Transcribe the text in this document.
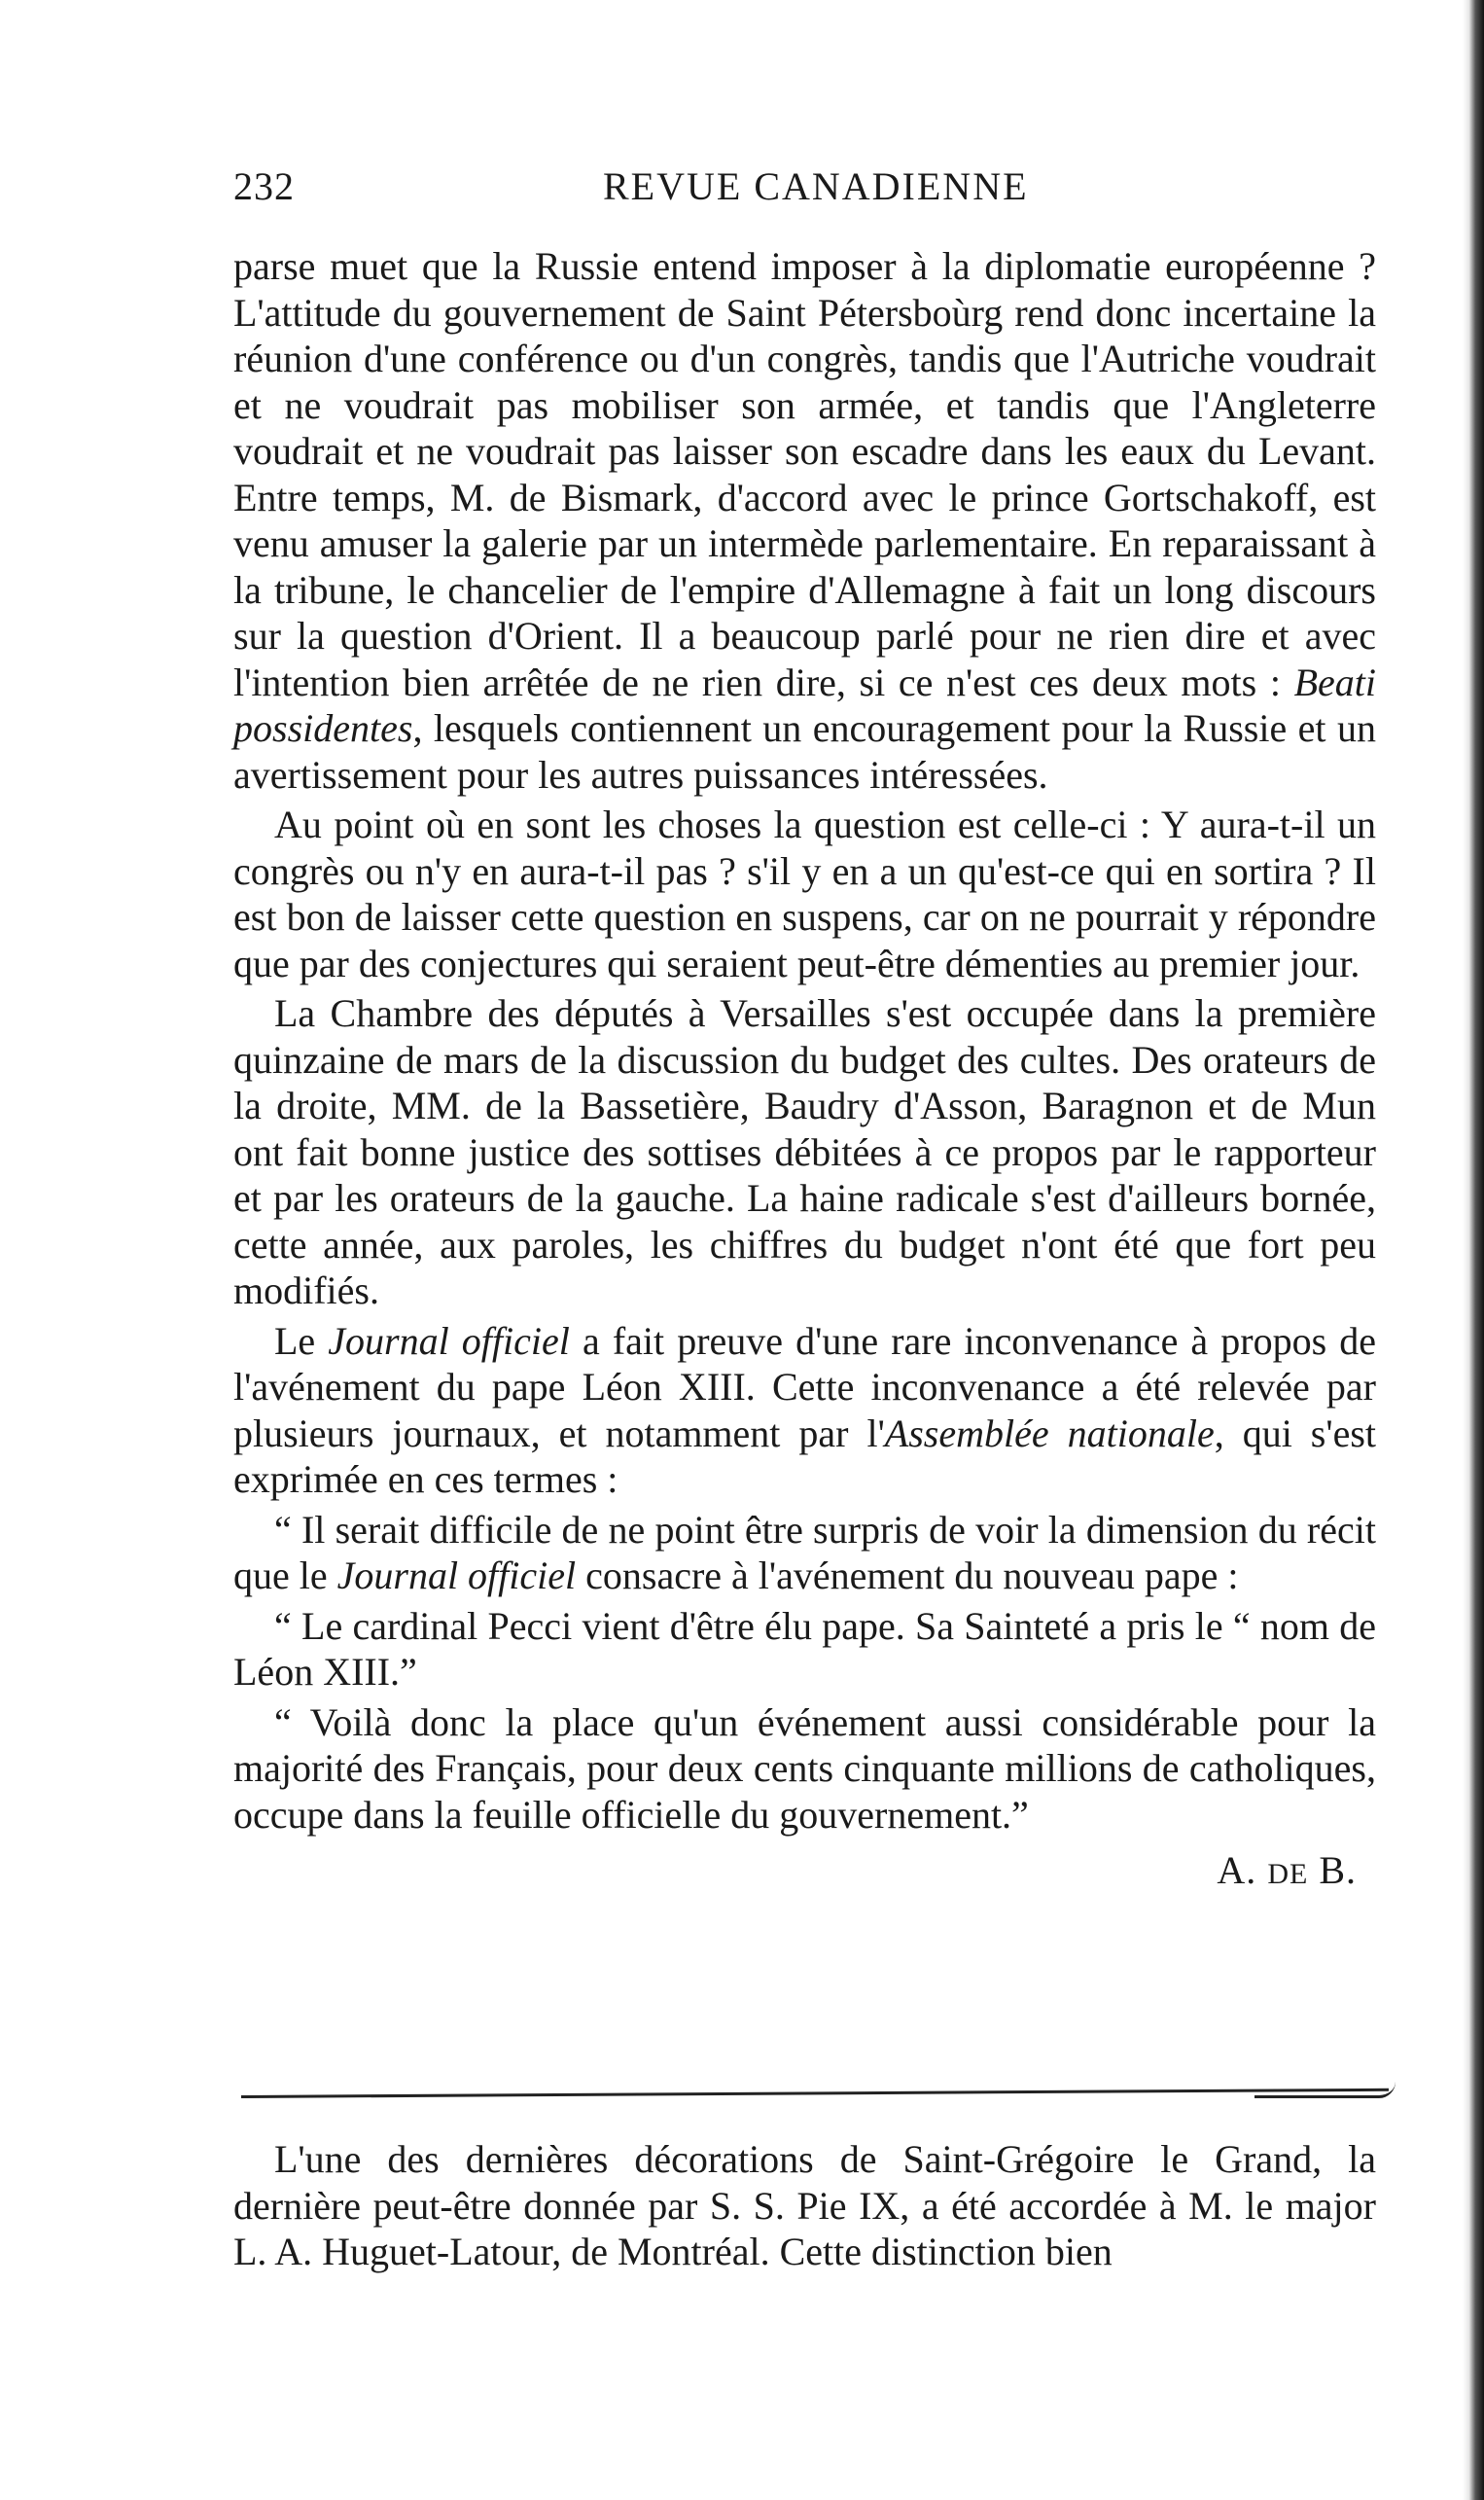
232	REVUE CANADIENNE

parse muet que la Russie entend imposer à la diplomatie européenne ? L'attitude du gouvernement de Saint Pétersboùrg rend donc incertaine la réunion d'une conférence ou d'un congrès, tandis que l'Autriche voudrait et ne voudrait pas mobiliser son armée, et tandis que l'Angleterre voudrait et ne voudrait pas laisser son escadre dans les eaux du Levant. Entre temps, M. de Bismark, d'accord avec le prince Gortschakoff, est venu amuser la galerie par un intermède parlementaire. En reparaissant à la tribune, le chancelier de l'empire d'Allemagne à fait un long discours sur la question d'Orient. Il a beaucoup parlé pour ne rien dire et avec l'intention bien arrêtée de ne rien dire, si ce n'est ces deux mots : Beati possidentes, lesquels contiennent un encouragement pour la Russie et un avertissement pour les autres puissances intéressées.

Au point où en sont les choses la question est celle-ci : Y aura-t-il un congrès ou n'y en aura-t-il pas ? s'il y en a un qu'est-ce qui en sortira ? Il est bon de laisser cette question en suspens, car on ne pourrait y répondre que par des conjectures qui seraient peut-être démenties au premier jour.

La Chambre des députés à Versailles s'est occupée dans la première quinzaine de mars de la discussion du budget des cultes. Des orateurs de la droite, MM. de la Bassetière, Baudry d'Asson, Baragnon et de Mun ont fait bonne justice des sottises débitées à ce propos par le rapporteur et par les orateurs de la gauche. La haine radicale s'est d'ailleurs bornée, cette année, aux paroles, les chiffres du budget n'ont été que fort peu modifiés.

Le Journal officiel a fait preuve d'une rare inconvenance à propos de l'avénement du pape Léon XIII. Cette inconvenance a été relevée par plusieurs journaux, et notamment par l'Assemblée nationale, qui s'est exprimée en ces termes :

“ Il serait difficile de ne point être surpris de voir la dimension du récit que le Journal officiel consacre à l'avénement du nouveau pape :

“ Le cardinal Pecci vient d'être élu pape. Sa Sainteté a pris le “ nom de Léon XIII.”

“ Voilà donc la place qu'un événement aussi considérable pour la majorité des Français, pour deux cents cinquante millions de catholiques, occupe dans la feuille officielle du gouvernement.”

A. DE B.

L'une des dernières décorations de Saint-Grégoire le Grand, la dernière peut-être donnée par S. S. Pie IX, a été accordée à M. le major L. A. Huguet-Latour, de Montréal. Cette distinction bien
